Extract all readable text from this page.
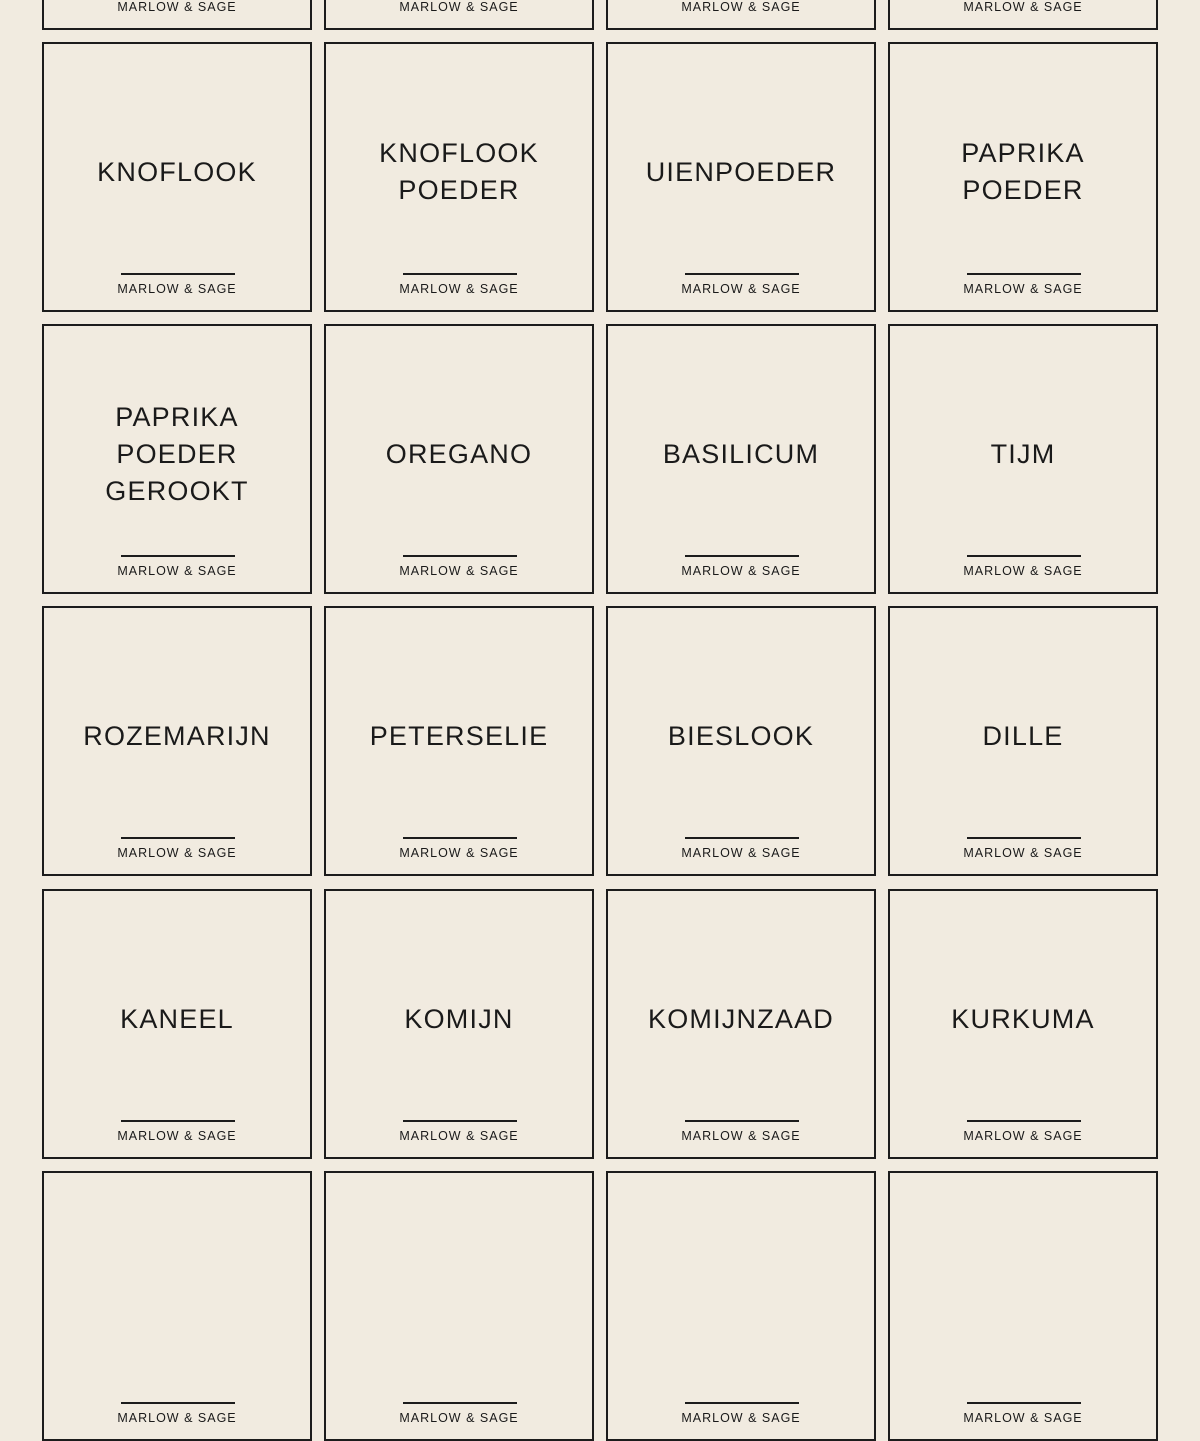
MARLOW & SAGE	MARLOW & SAGE	MARLOW & SAGE	MARLOW & SAGE
KNOFLOOK
MARLOW & SAGE
KNOFLOOK
POEDER
MARLOW & SAGE
UIENPOEDER
MARLOW & SAGE
PAPRIKA
POEDER
MARLOW & SAGE
PAPRIKA
POEDER
GEROOKT
MARLOW & SAGE
OREGANO
MARLOW & SAGE
BASILICUM
MARLOW & SAGE
TIJM
MARLOW & SAGE
ROZEMARIJN
MARLOW & SAGE
PETERSELIE
MARLOW & SAGE
BIESLOOK
MARLOW & SAGE
DILLE
MARLOW & SAGE
KANEEL
MARLOW & SAGE
KOMIJN
MARLOW & SAGE
KOMIJNZAAD
MARLOW & SAGE
KURKUMA
MARLOW & SAGE
MARLOW & SAGE	MARLOW & SAGE	MARLOW & SAGE	MARLOW & SAGE
